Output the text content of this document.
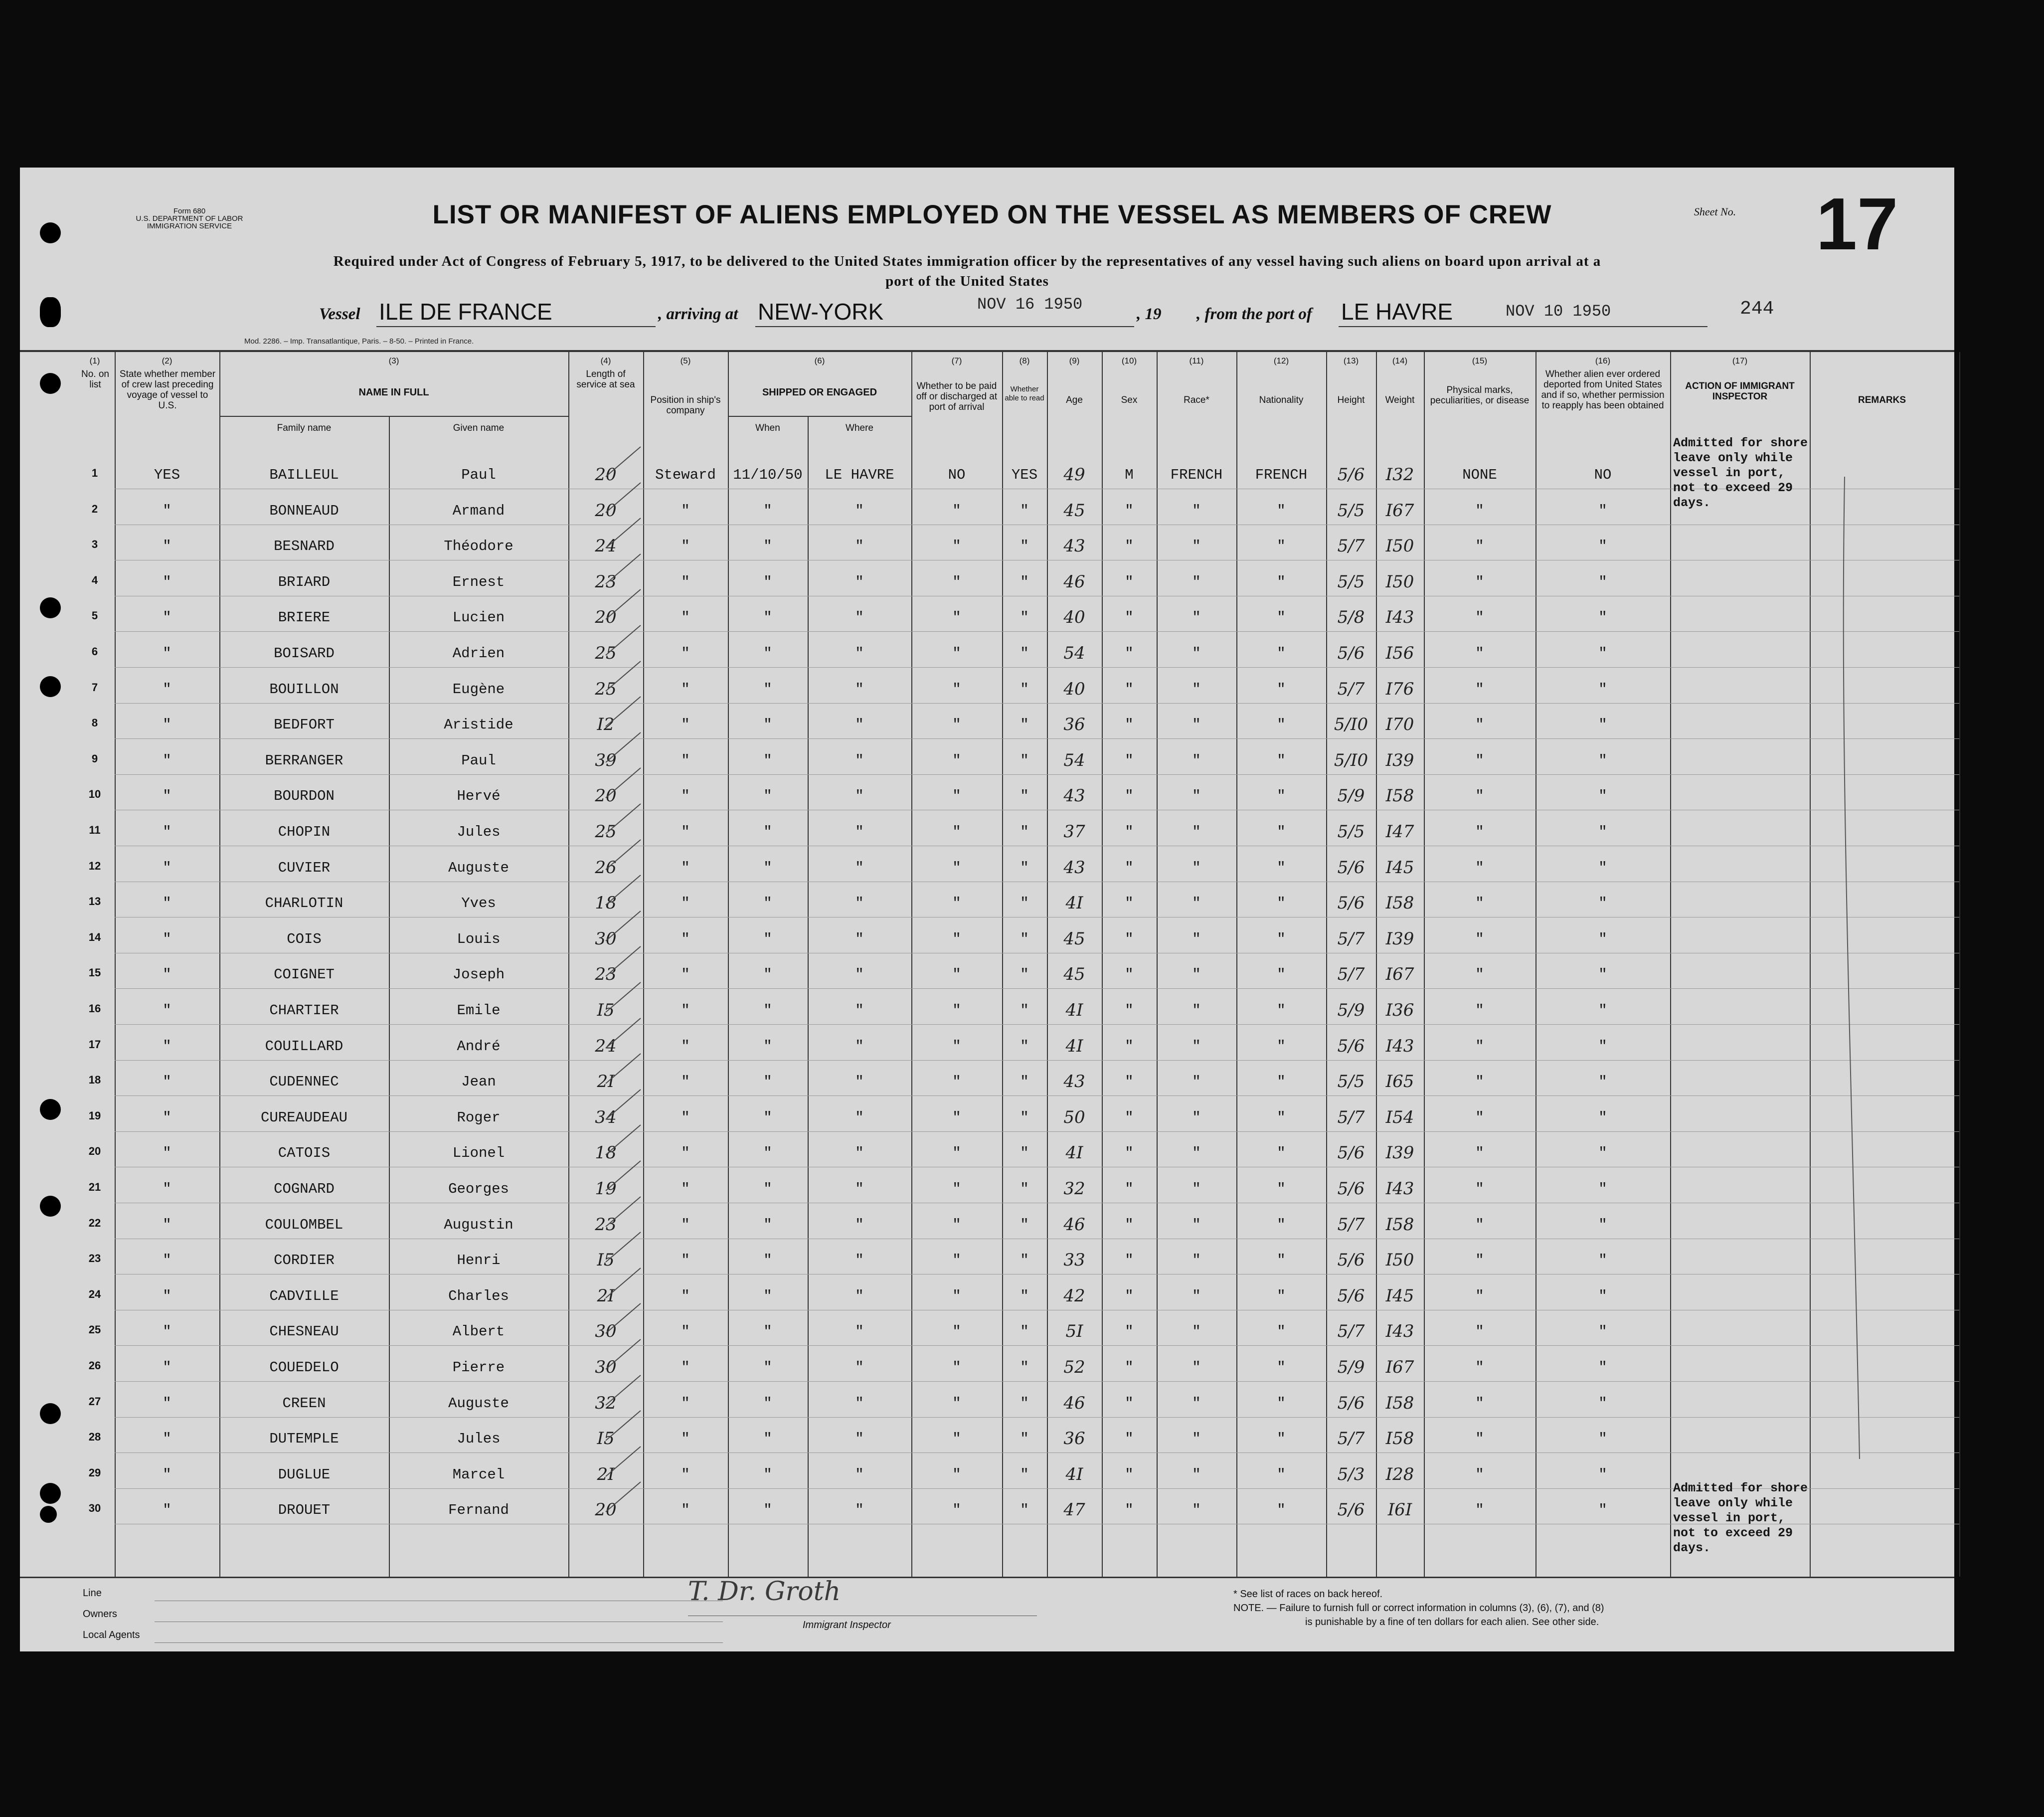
Form 680
U.S. DEPARTMENT OF LABOR
IMMIGRATION SERVICE	LIST OR MANIFEST OF ALIENS EMPLOYED ON THE VESSEL AS MEMBERS OF CREW	Sheet No. 17
Required under Act of Congress of February 5, 1917, to be delivered to the United States immigration officer by the representatives of any vessel having such aliens on board upon arrival at a
port of the United States
Vessel ILE DE FRANCE	, arriving at NEW-YORK	NOV 16 1950
, 19 , from the port of LE HAVRE	NOV 10 1950	244
Mod. 2286. – Imp. Transatlantique, Paris. – 8-50. – Printed in France.
(1)	(2)	(3)	(4)	(5)	(6)	(7)	(8)	(9)	(10)	(11)	(12)	(13)	(14)	(15)	(16)	(17)
No. on list
State whether member of crew last preceding voyage of vessel to U.S.
NAME IN FULL
Family name	Given name
Length of service at sea
Position in ship's company
SHIPPED OR ENGAGED
When	Where
Whether to be paid off or discharged at port of arrival
Whether able to read	Age	Sex	Race*	Nationality	Height	Weight
Physical marks, peculiarities, or disease
Whether alien ever ordered deported from United States and if so, whether permission to reapply has been obtained
ACTION OF IMMIGRANT INSPECTOR	REMARKS
1	YES	BAILLEUL	Paul	20	Steward	11/10/50	LE HAVRE	NO	YES	49	M	FRENCH	FRENCH	5/6	I32	NONE	NO
2	"	BONNEAUD	Armand	20	"	"	"	"	"	45	"	"	"	5/5	I67	"	"
3	"	BESNARD	Théodore	24	"	"	"	"	"	43	"	"	"	5/7	I50	"	"
4	"	BRIARD	Ernest	23	"	"	"	"	"	46	"	"	"	5/5	I50	"	"
5	"	BRIERE	Lucien	20	"	"	"	"	"	40	"	"	"	5/8	I43	"	"
6	"	BOISARD	Adrien	25	"	"	"	"	"	54	"	"	"	5/6	I56	"	"
7	"	BOUILLON	Eugène	25	"	"	"	"	"	40	"	"	"	5/7	I76	"	"
8	"	BEDFORT	Aristide	I2	"	"	"	"	"	36	"	"	"	5/I0	I70	"	"
9	"	BERRANGER	Paul	39	"	"	"	"	"	54	"	"	"	5/I0	I39	"	"
10	"	BOURDON	Hervé	20	"	"	"	"	"	43	"	"	"	5/9	I58	"	"
11	"	CHOPIN	Jules	25	"	"	"	"	"	37	"	"	"	5/5	I47	"	"
12	"	CUVIER	Auguste	26	"	"	"	"	"	43	"	"	"	5/6	I45	"	"
13	"	CHARLOTIN	Yves	18	"	"	"	"	"	4I	"	"	"	5/6	I58	"	"
14	"	COIS	Louis	30	"	"	"	"	"	45	"	"	"	5/7	I39	"	"
15	"	COIGNET	Joseph	23	"	"	"	"	"	45	"	"	"	5/7	I67	"	"
16	"	CHARTIER	Emile	I5	"	"	"	"	"	4I	"	"	"	5/9	I36	"	"
17	"	COUILLARD	André	24	"	"	"	"	"	4I	"	"	"	5/6	I43	"	"
18	"	CUDENNEC	Jean	2I	"	"	"	"	"	43	"	"	"	5/5	I65	"	"
19	"	CUREAUDEAU	Roger	34	"	"	"	"	"	50	"	"	"	5/7	I54	"	"
20	"	CATOIS	Lionel	18	"	"	"	"	"	4I	"	"	"	5/6	I39	"	"
21	"	COGNARD	Georges	19	"	"	"	"	"	32	"	"	"	5/6	I43	"	"
22	"	COULOMBEL	Augustin	23	"	"	"	"	"	46	"	"	"	5/7	I58	"	"
23	"	CORDIER	Henri	I5	"	"	"	"	"	33	"	"	"	5/6	I50	"	"
24	"	CADVILLE	Charles	2I	"	"	"	"	"	42	"	"	"	5/6	I45	"	"
25	"	CHESNEAU	Albert	30	"	"	"	"	"	5I	"	"	"	5/7	I43	"	"
26	"	COUEDELO	Pierre	30	"	"	"	"	"	52	"	"	"	5/9	I67	"	"
27	"	CREEN	Auguste	32	"	"	"	"	"	46	"	"	"	5/6	I58	"	"
28	"	DUTEMPLE	Jules	I5	"	"	"	"	"	36	"	"	"	5/7	I58	"	"
29	"	DUGLUE	Marcel	2I	"	"	"	"	"	4I	"	"	"	5/3	I28	"	"
30	"	DROUET	Fernand	20	"	"	"	"	"	47	"	"	"	5/6	I6I	"	"
Admitted for shore leave only while vessel in port, not to exceed 29 days.
Admitted for shore leave only while vessel in port, not to exceed 29 days.
Line
Owners
Local Agents
T. Dr. Groth
Immigrant Inspector
* See list of races on back hereof.
NOTE. — Failure to furnish full or correct information in columns (3), (6), (7), and (8)
is punishable by a fine of ten dollars for each alien. See other side.
